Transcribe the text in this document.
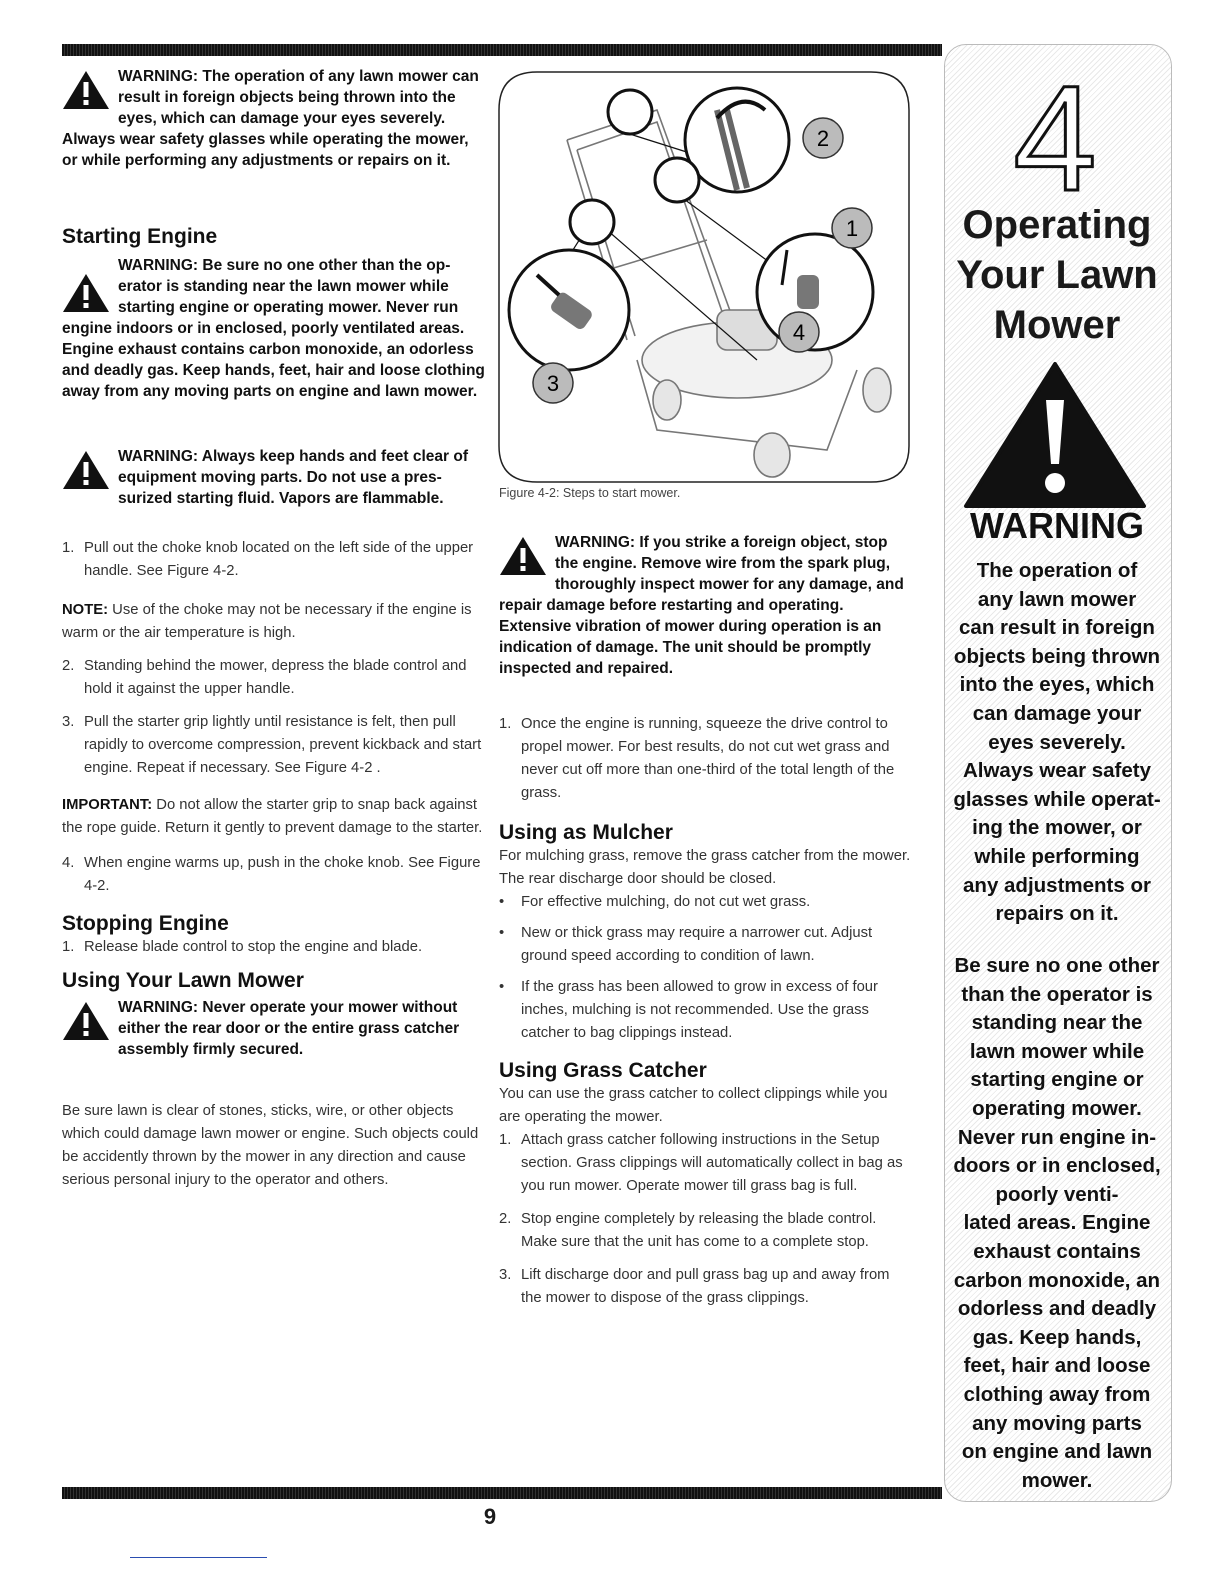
WARNING: The operation of any lawn mower can result in foreign objects being thrown into the eyes, which can damage your eyes severely. Always wear safety glasses while operating the mower, or while performing any adjustments or repairs on it.
Starting Engine
WARNING: Be sure no one other than the op- erator is standing near the lawn mower while starting engine or operating mower. Never run engine indoors or in enclosed, poorly ventilated areas. Engine exhaust contains carbon monoxide, an odorless and deadly gas. Keep hands, feet, hair and loose clothing away from any moving parts on engine and lawn mower.
WARNING: Always keep hands and feet clear of equipment moving parts. Do not use a pres- surized starting fluid. Vapors are flammable.
1. Pull out the choke knob located on the left side of the upper handle. See Figure 4-2.
NOTE: Use of the choke may not be necessary if the engine is warm or the air temperature is high.
2. Standing behind the mower, depress the blade control and hold it against the upper handle.
3. Pull the starter grip lightly until resistance is felt, then pull rapidly to overcome compression, prevent kickback and start engine. Repeat if necessary. See Figure 4-2 .
IMPORTANT: Do not allow the starter grip to snap back against the rope guide. Return it gently to prevent damage to the starter.
4. When engine warms up, push in the choke knob. See Figure 4-2.
Stopping Engine
1. Release blade control to stop the engine and blade.
Using Your Lawn Mower
WARNING: Never operate your mower without either the rear door or the entire grass catcher assembly firmly secured.
Be sure lawn is clear of stones, sticks, wire, or other objects which could damage lawn mower or engine. Such objects could be accidently thrown by the mower in any direction and cause serious personal injury to the operator and others.
1
2
3
4
Figure 4-2: Steps to start mower.
WARNING: If you strike a foreign object, stop the engine. Remove wire from the spark plug, thoroughly inspect mower for any damage, and repair damage before restarting and operating. Extensive vibration of mower during operation is an indication of damage. The unit should be promptly inspected and repaired.
1. Once the engine is running, squeeze the drive control to propel mower. For best results, do not cut wet grass and never cut off more than one-third of the total length of the grass.
Using as Mulcher
For mulching grass, remove the grass catcher from the mower. The rear discharge door should be closed.
•	For effective mulching, do not cut wet grass.
•	New or thick grass may require a narrower cut. Adjust ground speed according to condition of lawn.
•	If the grass has been allowed to grow in excess of four inches, mulching is not recommended. Use the grass catcher to bag clippings instead.
Using Grass Catcher
You can use the grass catcher to collect clippings while you are operating the mower.
1. Attach grass catcher following instructions in the Setup section. Grass clippings will automatically collect in bag as you run mower. Operate mower till grass bag is full.
2. Stop engine completely by releasing the blade control. Make sure that the unit has come to a complete stop.
3. Lift discharge door and pull grass bag up and away from the mower to dispose of the grass clippings.
4
Operating
Your Lawn
Mower
WARNING
The operation of
any lawn mower
can result in foreign
objects being thrown
into the eyes, which
can damage your
eyes severely.
Always wear safety
glasses while operat-
ing the mower, or
while performing
any adjustments or
repairs on it.
Be sure no one other
than the operator is
standing near the
lawn mower while
starting engine or
operating mower.
Never run engine in-
doors or in enclosed,
poorly venti-
lated areas. Engine
exhaust contains
carbon monoxide, an
odorless and deadly
gas. Keep hands,
feet, hair and loose
clothing away from
any moving parts
on engine and lawn
mower.
9
